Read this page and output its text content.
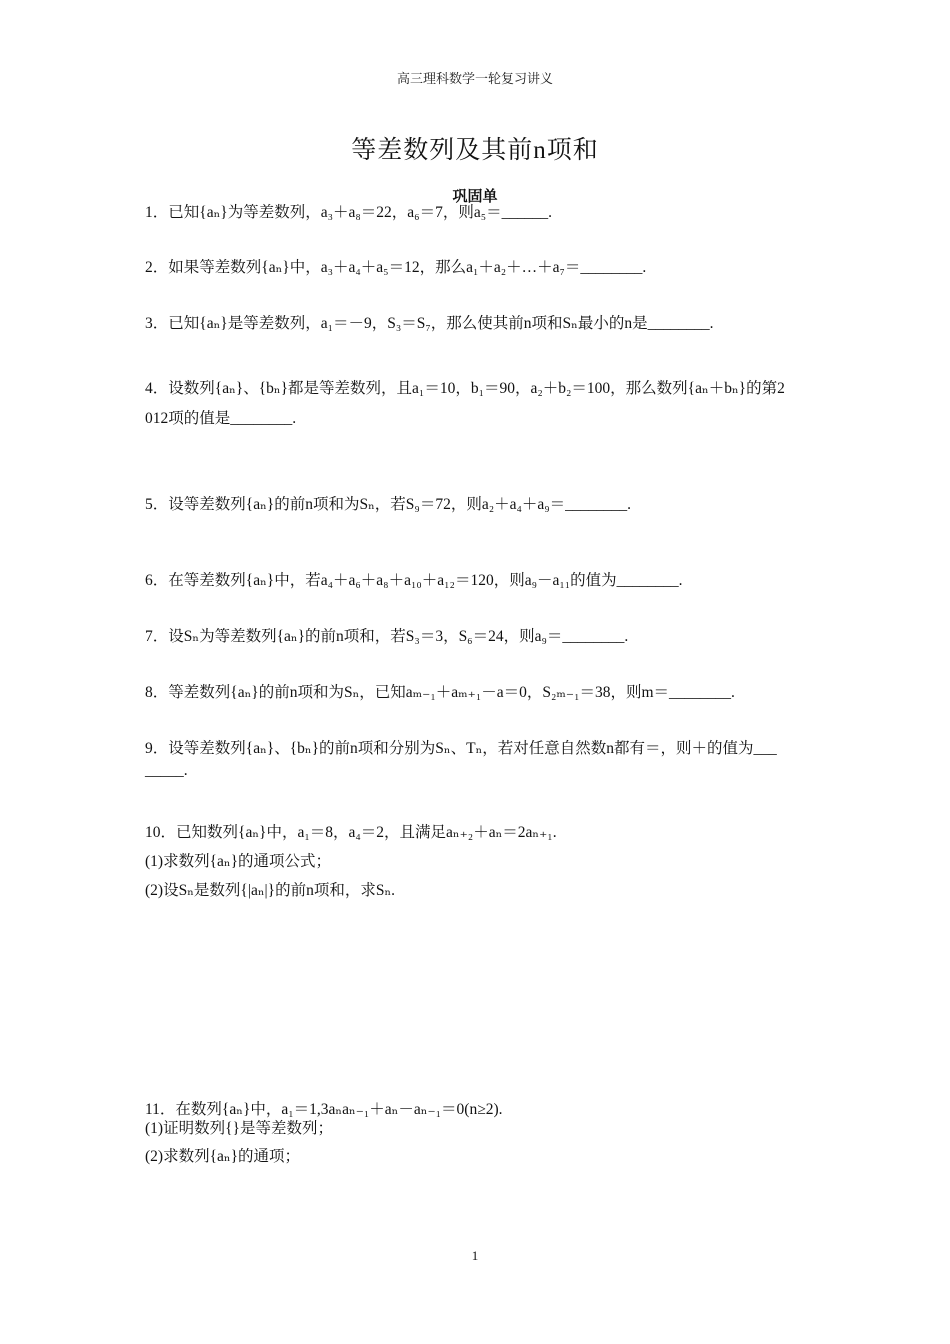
高三理科数学一轮复习讲义
等差数列及其前n项和
巩固单
1．已知{aₙ}为等差数列，a₃＋a₈＝22，a₆＝7，则a₅＝______.
2．如果等差数列{aₙ}中，a₃＋a₄＋a₅＝12，那么a₁＋a₂＋…＋a₇＝________.
3．已知{aₙ}是等差数列，a₁＝－9，S₃＝S₇，那么使其前n项和Sₙ最小的n是________.
4．设数列{aₙ}、{bₙ}都是等差数列，且a₁＝10，b₁＝90，a₂＋b₂＝100，那么数列{aₙ＋bₙ}的第2
012项的值是________.
5．设等差数列{aₙ}的前n项和为Sₙ，若S₉＝72，则a₂＋a₄＋a₉＝________.
6．在等差数列{aₙ}中，若a₄＋a₆＋a₈＋a₁₀＋a₁₂＝120，则a₉－a₁₁的值为________.
7．设Sₙ为等差数列{aₙ}的前n项和，若S₃＝3，S₆＝24，则a₉＝________.
8．等差数列{aₙ}的前n项和为Sₙ，已知aₘ₋₁＋aₘ₊₁－a＝0，S₂ₘ₋₁＝38，则m＝________.
9．设等差数列{aₙ}、{bₙ}的前n项和分别为Sₙ、Tₙ，若对任意自然数n都有＝，则＋的值为___
_____.
10．已知数列{aₙ}中，a₁＝8，a₄＝2，且满足aₙ₊₂＋aₙ＝2aₙ₊₁.
(1)求数列{aₙ}的通项公式；
(2)设Sₙ是数列{|aₙ|}的前n项和，求Sₙ.
11．在数列{aₙ}中，a₁＝1,3aₙaₙ₋₁＋aₙ－aₙ₋₁＝0(n≥2).
(1)证明数列{}是等差数列；
(2)求数列{aₙ}的通项；
1
